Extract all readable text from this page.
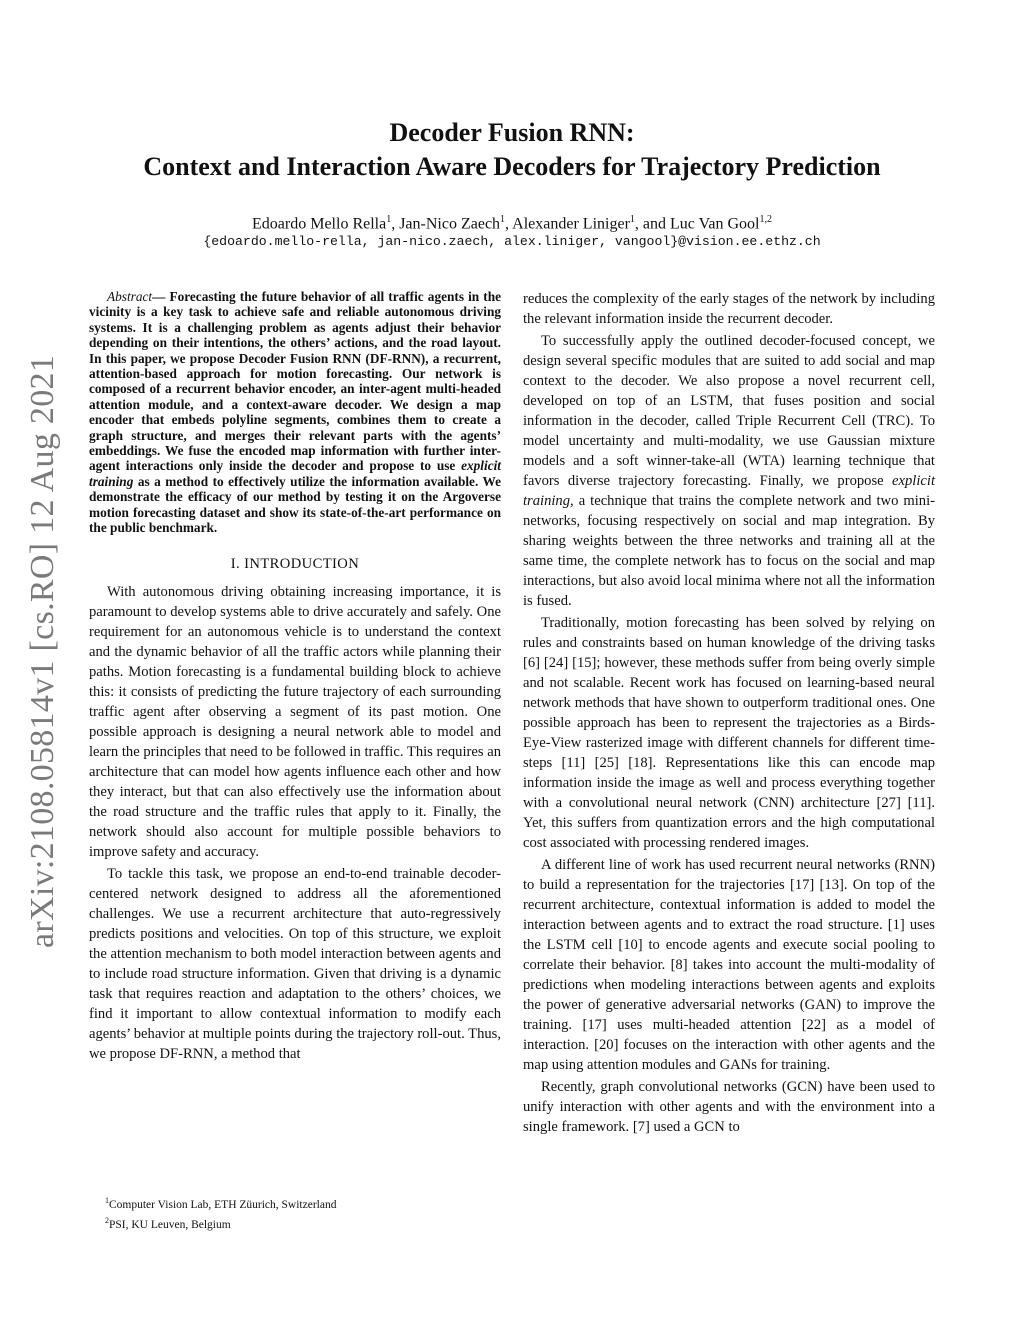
arXiv:2108.05814v1 [cs.RO] 12 Aug 2021
Decoder Fusion RNN:
Context and Interaction Aware Decoders for Trajectory Prediction
Edoardo Mello Rella$^1$, Jan-Nico Zaech$^1$, Alexander Liniger$^1$, and Luc Van Gool$^{1,2}$
{edoardo.mello-rella, jan-nico.zaech, alex.liniger, vangool}@vision.ee.ethz.ch

Abstract— Forecasting the future behavior of all traffic agents in the vicinity is a key task to achieve safe and reliable autonomous driving systems. It is a challenging problem as agents adjust their behavior depending on their intentions, the others’ actions, and the road layout. In this paper, we propose Decoder Fusion RNN (DF-RNN), a recurrent, attention-based approach for motion forecasting. Our network is composed of a recurrent behavior encoder, an inter-agent multi-headed attention module, and a context-aware decoder. We design a map encoder that embeds polyline segments, combines them to create a graph structure, and merges their relevant parts with the agents’ embeddings. We fuse the encoded map information with further inter-agent interactions only inside the decoder and propose to use explicit training as a method to effectively utilize the information available. We demonstrate the efficacy of our method by testing it on the Argoverse motion forecasting dataset and show its state-of-the-art performance on the public benchmark.

I. INTRODUCTION

With autonomous driving obtaining increasing importance, it is paramount to develop systems able to drive accurately and safely. One requirement for an autonomous vehicle is to understand the context and the dynamic behavior of all the traffic actors while planning their paths. Motion forecasting is a fundamental building block to achieve this: it consists of predicting the future trajectory of each surrounding traffic agent after observing a segment of its past motion. One possible approach is designing a neural network able to model and learn the principles that need to be followed in traffic. This requires an architecture that can model how agents influence each other and how they interact, but that can also effectively use the information about the road structure and the traffic rules that apply to it. Finally, the network should also account for multiple possible behaviors to improve safety and accuracy.

To tackle this task, we propose an end-to-end trainable decoder-centered network designed to address all the aforementioned challenges. We use a recurrent architecture that auto-regressively predicts positions and velocities. On top of this structure, we exploit the attention mechanism to both model interaction between agents and to include road structure information. Given that driving is a dynamic task that requires reaction and adaptation to the others’ choices, we find it important to allow contextual information to modify each agents’ behavior at multiple points during the trajectory roll-out. Thus, we propose DF-RNN, a method that

$^1$Computer Vision Lab, ETH Züurich, Switzerland

$^2$PSI, KU Leuven, Belgium

reduces the complexity of the early stages of the network by including the relevant information inside the recurrent decoder.

To successfully apply the outlined decoder-focused concept, we design several specific modules that are suited to add social and map context to the decoder. We also propose a novel recurrent cell, developed on top of an LSTM, that fuses position and social information in the decoder, called Triple Recurrent Cell (TRC). To model uncertainty and multi-modality, we use Gaussian mixture models and a soft winner-take-all (WTA) learning technique that favors diverse trajectory forecasting. Finally, we propose explicit training, a technique that trains the complete network and two mini-networks, focusing respectively on social and map integration. By sharing weights between the three networks and training all at the same time, the complete network has to focus on the social and map interactions, but also avoid local minima where not all the information is fused.

Traditionally, motion forecasting has been solved by relying on rules and constraints based on human knowledge of the driving tasks [6] [24] [15]; however, these methods suffer from being overly simple and not scalable. Recent work has focused on learning-based neural network methods that have shown to outperform traditional ones. One possible approach has been to represent the trajectories as a Birds-Eye-View rasterized image with different channels for different time-steps [11] [25] [18]. Representations like this can encode map information inside the image as well and process everything together with a convolutional neural network (CNN) architecture [27] [11]. Yet, this suffers from quantization errors and the high computational cost associated with processing rendered images.

A different line of work has used recurrent neural networks (RNN) to build a representation for the trajectories [17] [13]. On top of the recurrent architecture, contextual information is added to model the interaction between agents and to extract the road structure. [1] uses the LSTM cell [10] to encode agents and execute social pooling to correlate their behavior. [8] takes into account the multi-modality of predictions when modeling interactions between agents and exploits the power of generative adversarial networks (GAN) to improve the training. [17] uses multi-headed attention [22] as a model of interaction. [20] focuses on the interaction with other agents and the map using attention modules and GANs for training.

Recently, graph convolutional networks (GCN) have been used to unify interaction with other agents and with the environment into a single framework. [7] used a GCN to
